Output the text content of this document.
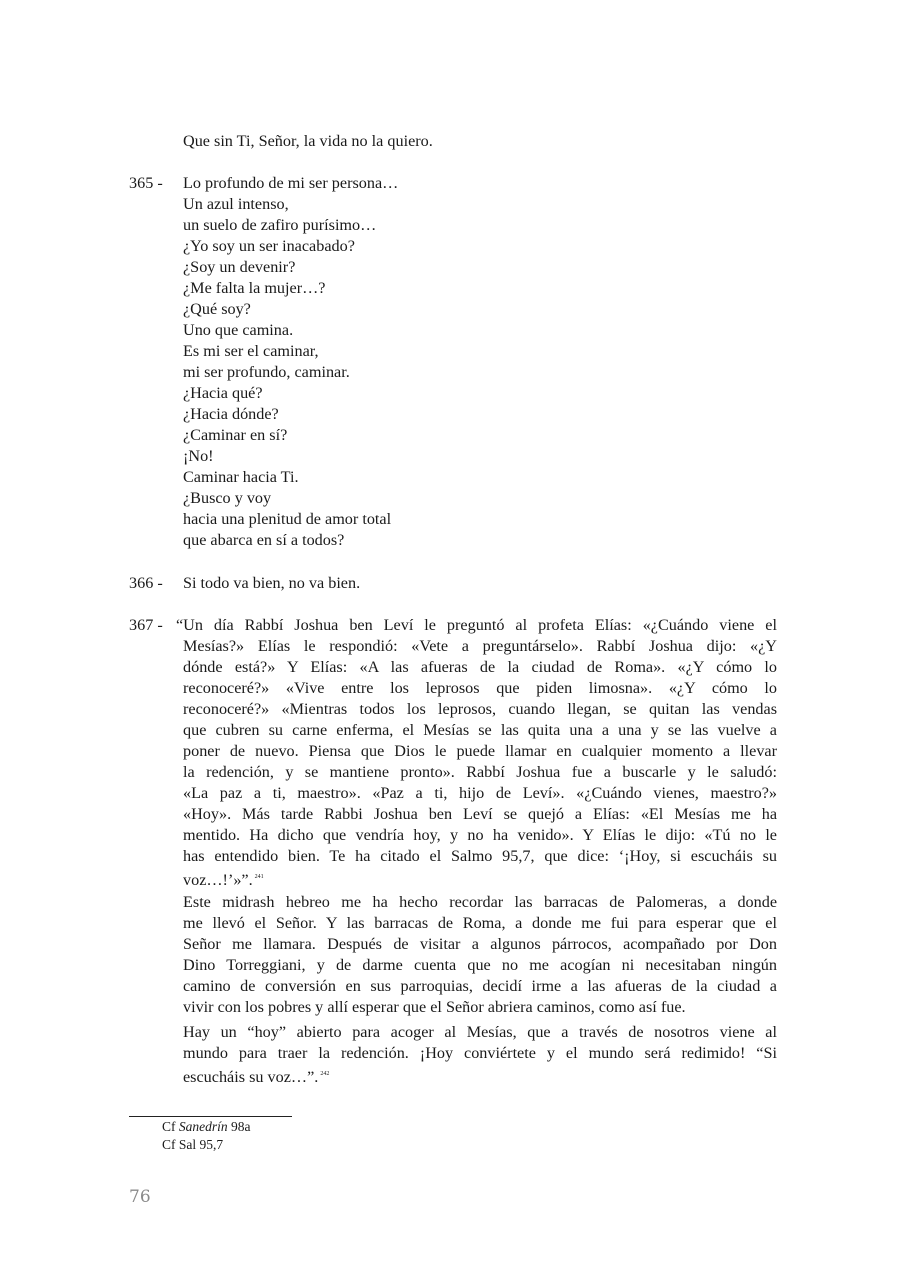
Que sin Ti, Señor, la vida no la quiero.
365 - Lo profundo de mi ser persona…
Un azul intenso,
un suelo de zafiro purísimo…
¿Yo soy un ser inacabado?
¿Soy un devenir?
¿Me falta la mujer…?
¿Qué soy?
Uno que camina.
Es mi ser el caminar,
mi ser profundo, caminar.
¿Hacia qué?
¿Hacia dónde?
¿Caminar en sí?
¡No!
Caminar hacia Ti.
¿Busco y voy
hacia una plenitud de amor total
que abarca en sí a todos?
366 - Si todo va bien, no va bien.
367 - “Un día Rabbí Joshua ben Leví le preguntó al profeta Elías: «¿Cuándo viene el
Mesías?» Elías le respondió: «Vete a preguntárselo». Rabbí Joshua dijo: «¿Y
dónde está?» Y Elías: «A las afueras de la ciudad de Roma». «¿Y cómo lo
reconoceré?» «Vive entre los leprosos que piden limosna». «¿Y cómo lo
reconoceré?» «Mientras todos los leprosos, cuando llegan, se quitan las vendas
que cubren su carne enferma, el Mesías se las quita una a una y se las vuelve a
poner de nuevo. Piensa que Dios le puede llamar en cualquier momento a llevar
la redención, y se mantiene pronto». Rabbí Joshua fue a buscarle y le saludó:
«La paz a ti, maestro». «Paz a ti, hijo de Leví». «¿Cuándo vienes, maestro?»
«Hoy». Más tarde Rabbi Joshua ben Leví se quejó a Elías: «El Mesías me ha
mentido. Ha dicho que vendría hoy, y no ha venido». Y Elías le dijo: «Tú no le
has entendido bien. Te ha citado el Salmo 95,7, que dice: ‘¡Hoy, si escucháis su
voz…!’»”. $^{241}$
Este midrash hebreo me ha hecho recordar las barracas de Palomeras, a donde
me llevó el Señor. Y las barracas de Roma, a donde me fui para esperar que el
Señor me llamara. Después de visitar a algunos párrocos, acompañado por Don
Dino Torreggiani, y de darme cuenta que no me acogían ni necesitaban ningún
camino de conversión en sus parroquias, decidí irme a las afueras de la ciudad a
vivir con los pobres y allí esperar que el Señor abriera caminos, como así fue.
Hay un “hoy” abierto para acoger al Mesías, que a través de nosotros viene al
mundo para traer la redención. ¡Hoy conviértete y el mundo será redimido! “Si
escucháis su voz…”. $^{242}$
Cf Sanedrín 98a
Cf Sal 95,7
76
